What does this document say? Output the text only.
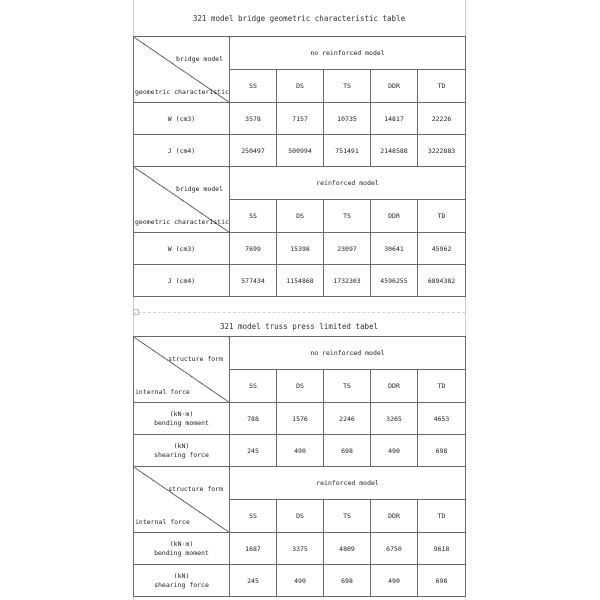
321 model bridge geometric characteristic table
bridge model
geometric characteristic	no reinforced model				
	SS	DS	TS	DDR	TD
W (cm3)	3578	7157	10735	14817	22226
J (cm4)	250497	500994	751491	2148588	3222883

bridge model
geometric characteristic	reinforced model				
	SS	DS	TS	DDR	TD
W (cm3)	7699	15398	23097	30641	45962
J (cm4)	577434	1154868	1732303	4596255	6894382
321 model truss press limited tabel
structure form
internal force	no reinforced model				
	SS	DS	TS	DDR	TD

(kN·m)
bending moment	788	1576	2246	3265	4653

(kN)
shearing force	245	490	698	490	698

structure form
internal force	reinforced model				
	SS	DS	TS	DDR	TD

(kN·m)
bending moment	1687	3375	4809	6750	9618

(kN)
shearing force	245	490	698	490	698
